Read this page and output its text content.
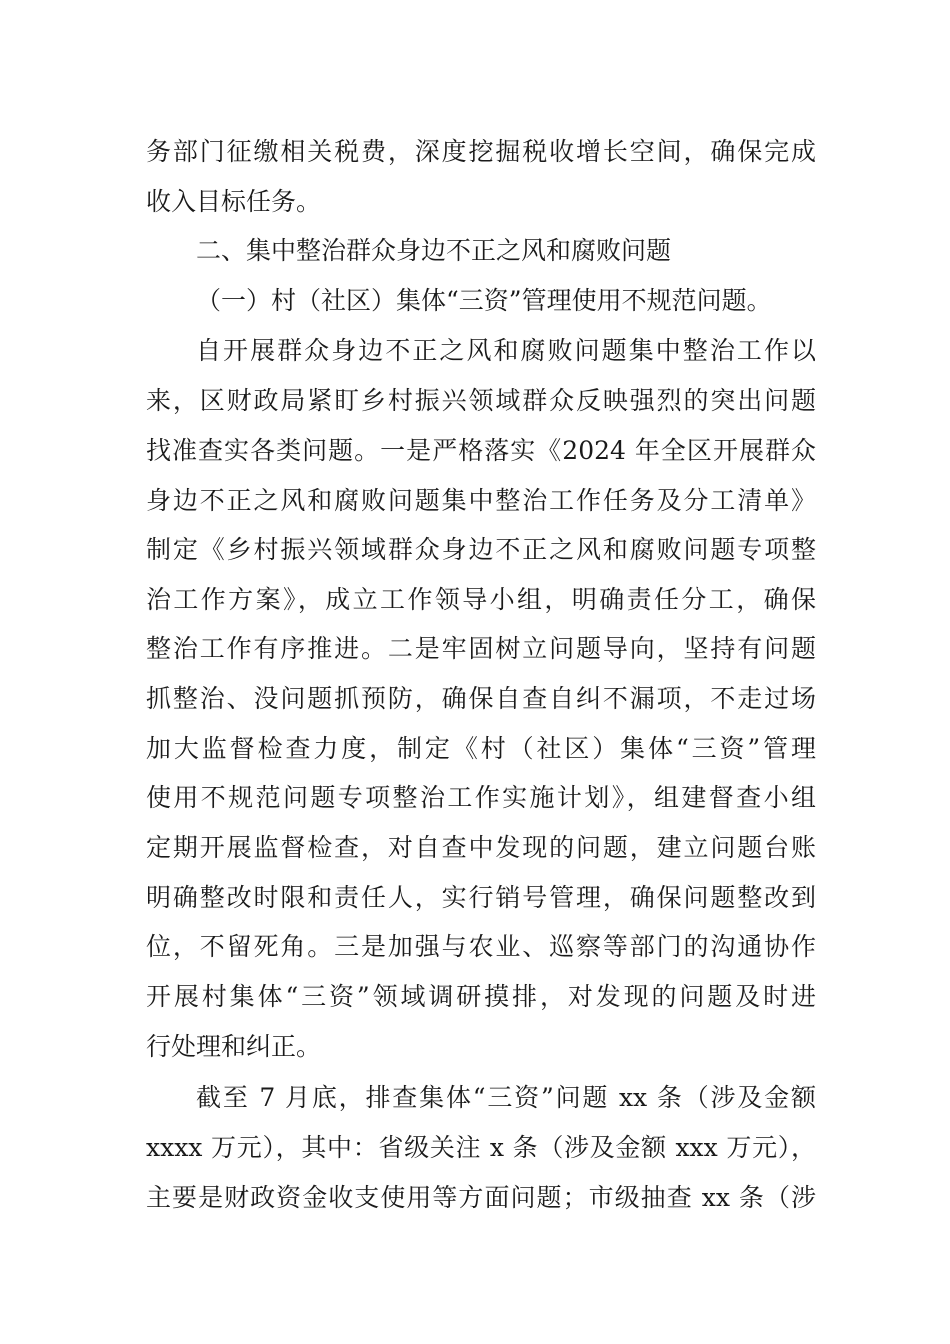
务部门征缴相关税费，深度挖掘税收增长空间，确保完成
收入目标任务。
二、集中整治群众身边不正之风和腐败问题
（一）村（社区）集体“三资”管理使用不规范问题。
自开展群众身边不正之风和腐败问题集中整治工作以
来，区财政局紧盯乡村振兴领域群众反映强烈的突出问题
找准查实各类问题。一是严格落实《2024 年全区开展群众
身边不正之风和腐败问题集中整治工作任务及分工清单》
制定《乡村振兴领域群众身边不正之风和腐败问题专项整
治工作方案》，成立工作领导小组，明确责任分工，确保
整治工作有序推进。二是牢固树立问题导向，坚持有问题
抓整治、没问题抓预防，确保自查自纠不漏项，不走过场
加大监督检查力度，制定《村（社区）集体“三资”管理
使用不规范问题专项整治工作实施计划》，组建督查小组
定期开展监督检查，对自查中发现的问题，建立问题台账
明确整改时限和责任人，实行销号管理，确保问题整改到
位，不留死角。三是加强与农业、巡察等部门的沟通协作
开展村集体“三资”领域调研摸排，对发现的问题及时进
行处理和纠正。
截至 7 月底，排查集体“三资”问题 xx 条（涉及金额
xxxx 万元），其中：省级关注 x 条（涉及金额 xxx 万元），
主要是财政资金收支使用等方面问题；市级抽查 xx 条（涉
